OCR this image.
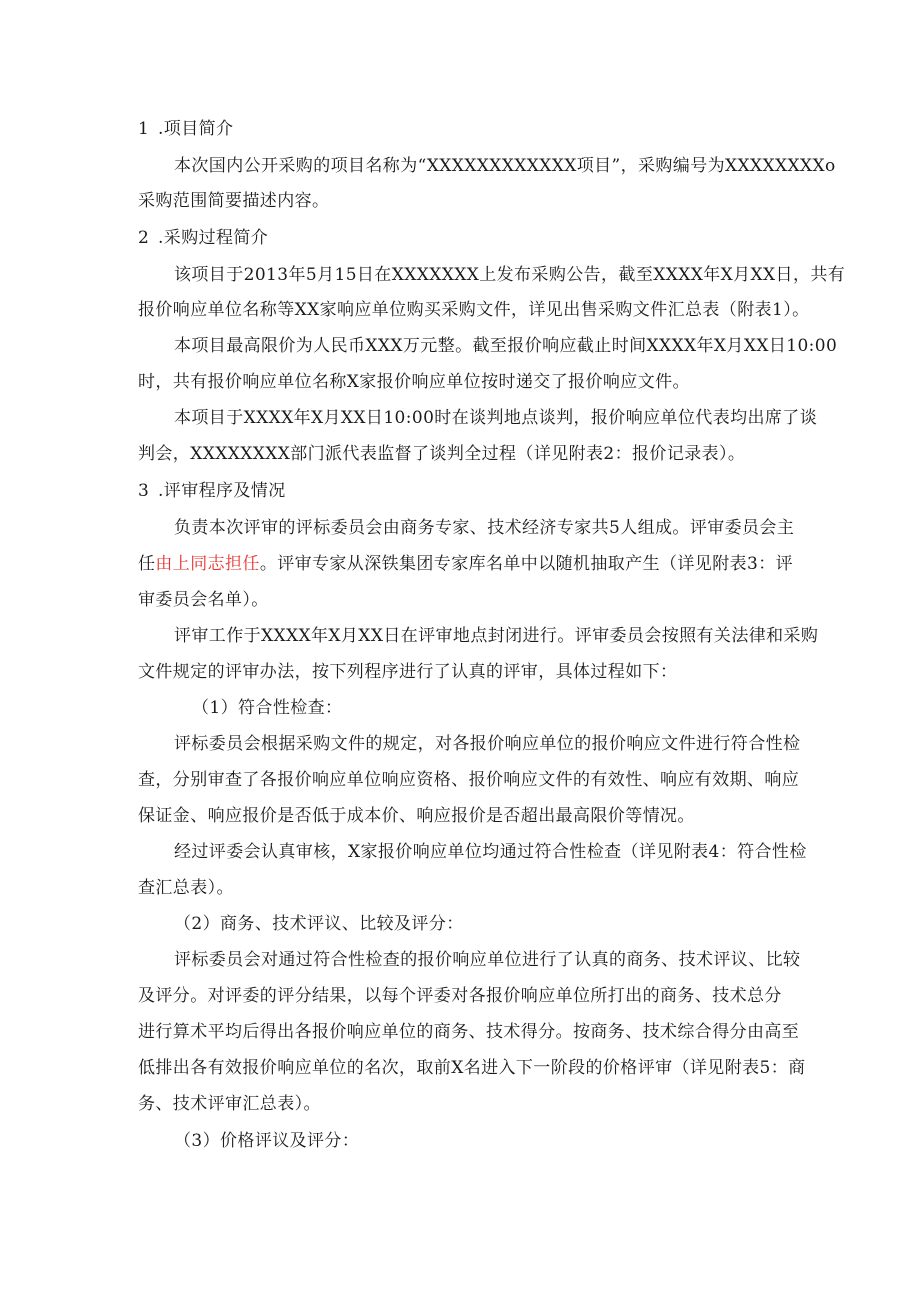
1 .项目简介
本次国内公开采购的项目名称为“XXXXXXXXXXXX项目”，采购编号为XXXXXXXXo
采购范围简要描述内容。
2 .采购过程简介
该项目于2013年5月15日在XXXXXXX上发布采购公告，截至XXXX年X月XX日，共有
报价响应单位名称等XX家响应单位购买采购文件，详见出售采购文件汇总表（附表1）。
本项目最高限价为人民币XXX万元整。截至报价响应截止时间XXXX年X月XX日10:00
时，共有报价响应单位名称X家报价响应单位按时递交了报价响应文件。
本项目于XXXX年X月XX日10:00时在谈判地点谈判，报价响应单位代表均出席了谈
判会，XXXXXXXX部门派代表监督了谈判全过程（详见附表2：报价记录表）。
3 .评审程序及情况
负责本次评审的评标委员会由商务专家、技术经济专家共5人组成。评审委员会主
任由上同志担任。评审专家从深铁集团专家库名单中以随机抽取产生（详见附表3：评
审委员会名单）。
评审工作于XXXX年X月XX日在评审地点封闭进行。评审委员会按照有关法律和采购
文件规定的评审办法，按下列程序进行了认真的评审，具体过程如下：
（1）符合性检查：
评标委员会根据采购文件的规定，对各报价响应单位的报价响应文件进行符合性检
查，分别审查了各报价响应单位响应资格、报价响应文件的有效性、响应有效期、响应
保证金、响应报价是否低于成本价、响应报价是否超出最高限价等情况。
经过评委会认真审核，X家报价响应单位均通过符合性检查（详见附表4：符合性检
查汇总表）。
（2）商务、技术评议、比较及评分：
评标委员会对通过符合性检查的报价响应单位进行了认真的商务、技术评议、比较
及评分。对评委的评分结果，以每个评委对各报价响应单位所打出的商务、技术总分
进行算术平均后得出各报价响应单位的商务、技术得分。按商务、技术综合得分由高至
低排出各有效报价响应单位的名次，取前X名进入下一阶段的价格评审（详见附表5：商
务、技术评审汇总表）。
（3）价格评议及评分：
